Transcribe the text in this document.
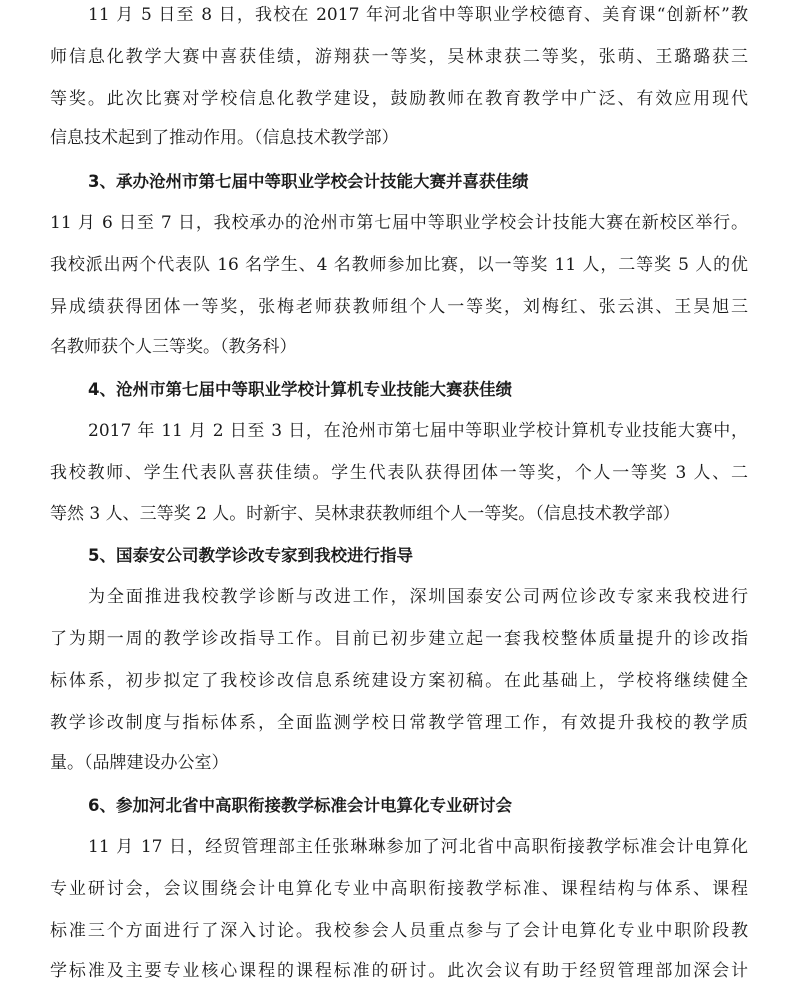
11 月 5 日至 8 日，我校在 2017 年河北省中等职业学校德育、美育课“创新杯”教
师信息化教学大赛中喜获佳绩，游翔获一等奖，吴林隶获二等奖，张萌、王璐璐获三
等奖。此次比赛对学校信息化教学建设，鼓励教师在教育教学中广泛、有效应用现代
信息技术起到了推动作用。（信息技术教学部）
3、承办沧州市第七届中等职业学校会计技能大赛并喜获佳绩
11 月 6 日至 7 日，我校承办的沧州市第七届中等职业学校会计技能大赛在新校区举行。
我校派出两个代表队 16 名学生、4 名教师参加比赛，以一等奖 11 人，二等奖 5 人的优
异成绩获得团体一等奖，张梅老师获教师组个人一等奖，刘梅红、张云淇、王昊旭三
名教师获个人三等奖。（教务科）
4、沧州市第七届中等职业学校计算机专业技能大赛获佳绩
2017 年 11 月 2 日至 3 日，在沧州市第七届中等职业学校计算机专业技能大赛中，
我校教师、学生代表队喜获佳绩。学生代表队获得团体一等奖，个人一等奖 3 人、二
等然 3 人、三等奖 2 人。时新宇、吴林隶获教师组个人一等奖。（信息技术教学部）
5、国泰安公司教学诊改专家到我校进行指导
为全面推进我校教学诊断与改进工作，深圳国泰安公司两位诊改专家来我校进行
了为期一周的教学诊改指导工作。目前已初步建立起一套我校整体质量提升的诊改指
标体系，初步拟定了我校诊改信息系统建设方案初稿。在此基础上，学校将继续健全
教学诊改制度与指标体系，全面监测学校日常教学管理工作，有效提升我校的教学质
量。（品牌建设办公室）
6、参加河北省中高职衔接教学标准会计电算化专业研讨会
11 月 17 日，经贸管理部主任张琳琳参加了河北省中高职衔接教学标准会计电算化
专业研讨会，会议围绕会计电算化专业中高职衔接教学标准、课程结构与体系、课程
标准三个方面进行了深入讨论。我校参会人员重点参与了会计电算化专业中职阶段教
学标准及主要专业核心课程的课程标准的研讨。此次会议有助于经贸管理部加深会计
